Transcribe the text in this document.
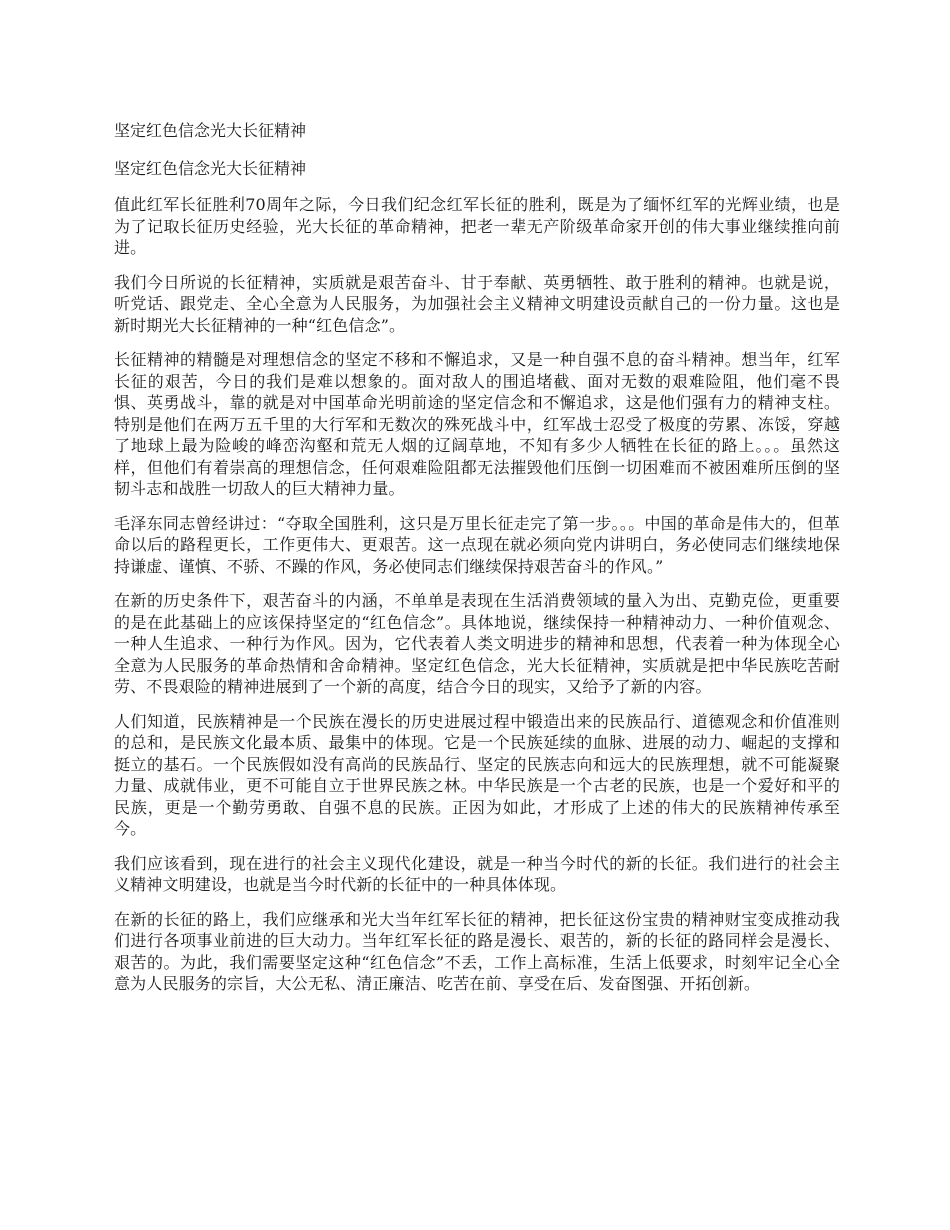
坚定红色信念光大长征精神
坚定红色信念光大长征精神

值此红军长征胜利70周年之际，今日我们纪念红军长征的胜利，既是为了缅怀红军的光辉业绩，也是为了记取长征历史经验，光大长征的革命精神，把老一辈无产阶级革命家开创的伟大事业继续推向前进。

我们今日所说的长征精神，实质就是艰苦奋斗、甘于奉献、英勇牺牲、敢于胜利的精神。也就是说，听党话、跟党走、全心全意为人民服务，为加强社会主义精神文明建设贡献自己的一份力量。这也是新时期光大长征精神的一种“红色信念”。

长征精神的精髓是对理想信念的坚定不移和不懈追求，又是一种自强不息的奋斗精神。想当年，红军长征的艰苦，今日的我们是难以想象的。面对敌人的围追堵截、面对无数的艰难险阻，他们毫不畏惧、英勇战斗，靠的就是对中国革命光明前途的坚定信念和不懈追求，这是他们强有力的精神支柱。特别是他们在两万五千里的大行军和无数次的殊死战斗中，红军战士忍受了极度的劳累、冻馁，穿越了地球上最为险峻的峰峦沟壑和荒无人烟的辽阔草地，不知有多少人牺牲在长征的路上。。。虽然这样，但他们有着崇高的理想信念，任何艰难险阻都无法摧毁他们压倒一切困难而不被困难所压倒的坚韧斗志和战胜一切敌人的巨大精神力量。

毛泽东同志曾经讲过：“夺取全国胜利，这只是万里长征走完了第一步。。。中国的革命是伟大的，但革命以后的路程更长，工作更伟大、更艰苦。这一点现在就必须向党内讲明白，务必使同志们继续地保持谦虚、谨慎、不骄、不躁的作风，务必使同志们继续保持艰苦奋斗的作风。”

在新的历史条件下，艰苦奋斗的内涵，不单单是表现在生活消费领域的量入为出、克勤克俭，更重要的是在此基础上的应该保持坚定的“红色信念”。具体地说，继续保持一种精神动力、一种价值观念、一种人生追求、一种行为作风。因为，它代表着人类文明进步的精神和思想，代表着一种为体现全心全意为人民服务的革命热情和舍命精神。坚定红色信念，光大长征精神，实质就是把中华民族吃苦耐劳、不畏艰险的精神进展到了一个新的高度，结合今日的现实，又给予了新的内容。

人们知道，民族精神是一个民族在漫长的历史进展过程中锻造出来的民族品行、道德观念和价值准则的总和，是民族文化最本质、最集中的体现。它是一个民族延续的血脉、进展的动力、崛起的支撑和挺立的基石。一个民族假如没有高尚的民族品行、坚定的民族志向和远大的民族理想，就不可能凝聚力量、成就伟业，更不可能自立于世界民族之林。中华民族是一个古老的民族，也是一个爱好和平的民族，更是一个勤劳勇敢、自强不息的民族。正因为如此，才形成了上述的伟大的民族精神传承至今。

我们应该看到，现在进行的社会主义现代化建设，就是一种当今时代的新的长征。我们进行的社会主义精神文明建设，也就是当今时代新的长征中的一种具体体现。

在新的长征的路上，我们应继承和光大当年红军长征的精神，把长征这份宝贵的精神财宝变成推动我们进行各项事业前进的巨大动力。当年红军长征的路是漫长、艰苦的，新的长征的路同样会是漫长、艰苦的。为此，我们需要坚定这种“红色信念”不丢，工作上高标准，生活上低要求，时刻牢记全心全意为人民服务的宗旨，大公无私、清正廉洁、吃苦在前、享受在后、发奋图强、开拓创新。
